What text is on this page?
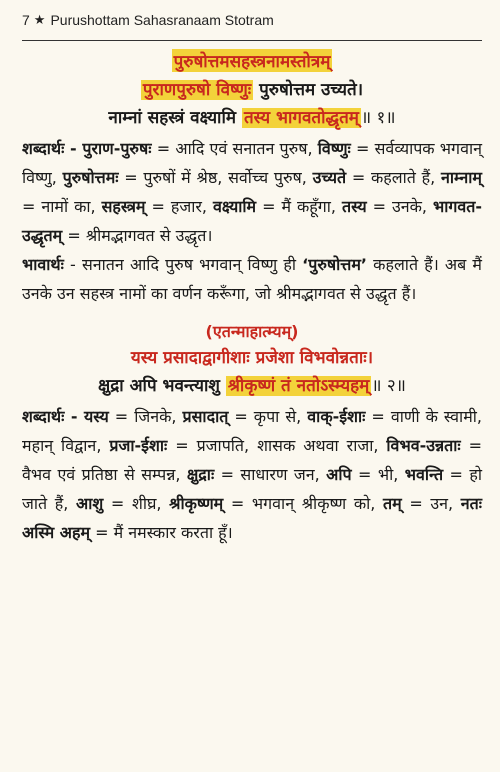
7 ★ Purushottam Sahasranaam Stotram
पुरुषोत्तमसहस्त्रनामस्तोत्रम्
पुराणपुरुषो विष्णुः पुरुषोत्तम उच्यते।
नाम्नां सहस्त्रं वक्ष्यामि तस्य भागवतोद्धृतम् ॥ १॥

शब्दार्थः - पुराण-पुरुषः = आदि एवं सनातन पुरुष, विष्णुः = सर्वव्यापक भगवान् विष्णु, पुरुषोत्तमः = पुरुषों में श्रेष्ठ, सर्वोच्च पुरुष, उच्यते = कहलाते हैं, नाम्नाम् = नामों का, सहस्त्रम् = हजार, वक्ष्यामि = मैं कहूँगा, तस्य = उनके, भागवत-उद्धृतम् = श्रीमद्भागवत से उद्धृत।

भावार्थः - सनातन आदि पुरुष भगवान् विष्णु ही ‘पुरुषोत्तम’ कहलाते हैं। अब मैं उनके उन सहस्त्र नामों का वर्णन करूँगा, जो श्रीमद्भागवत से उद्धृत हैं।

(एतन्माहात्म्यम्)
यस्य प्रसादाद्वागीशाः प्रजेशा विभवोन्नताः।
क्षुद्रा अपि भवन्त्याशु श्रीकृष्णं तं नतोऽस्म्यहम् ॥ २॥

शब्दार्थः - यस्य = जिनके, प्रसादात् = कृपा से, वाक्-ईशाः = वाणी के स्वामी, महान् विद्वान, प्रजा-ईशाः = प्रजापति, शासक अथवा राजा, विभव-उन्नताः = वैभव एवं प्रतिष्ठा से सम्पन्न, क्षुद्राः = साधारण जन, अपि = भी, भवन्ति = हो जाते हैं, आशु = शीघ्र, श्रीकृष्णम् = भगवान् श्रीकृष्ण को, तम् = उन, नतः अस्मि अहम् = मैं नमस्कार करता हूँ।
